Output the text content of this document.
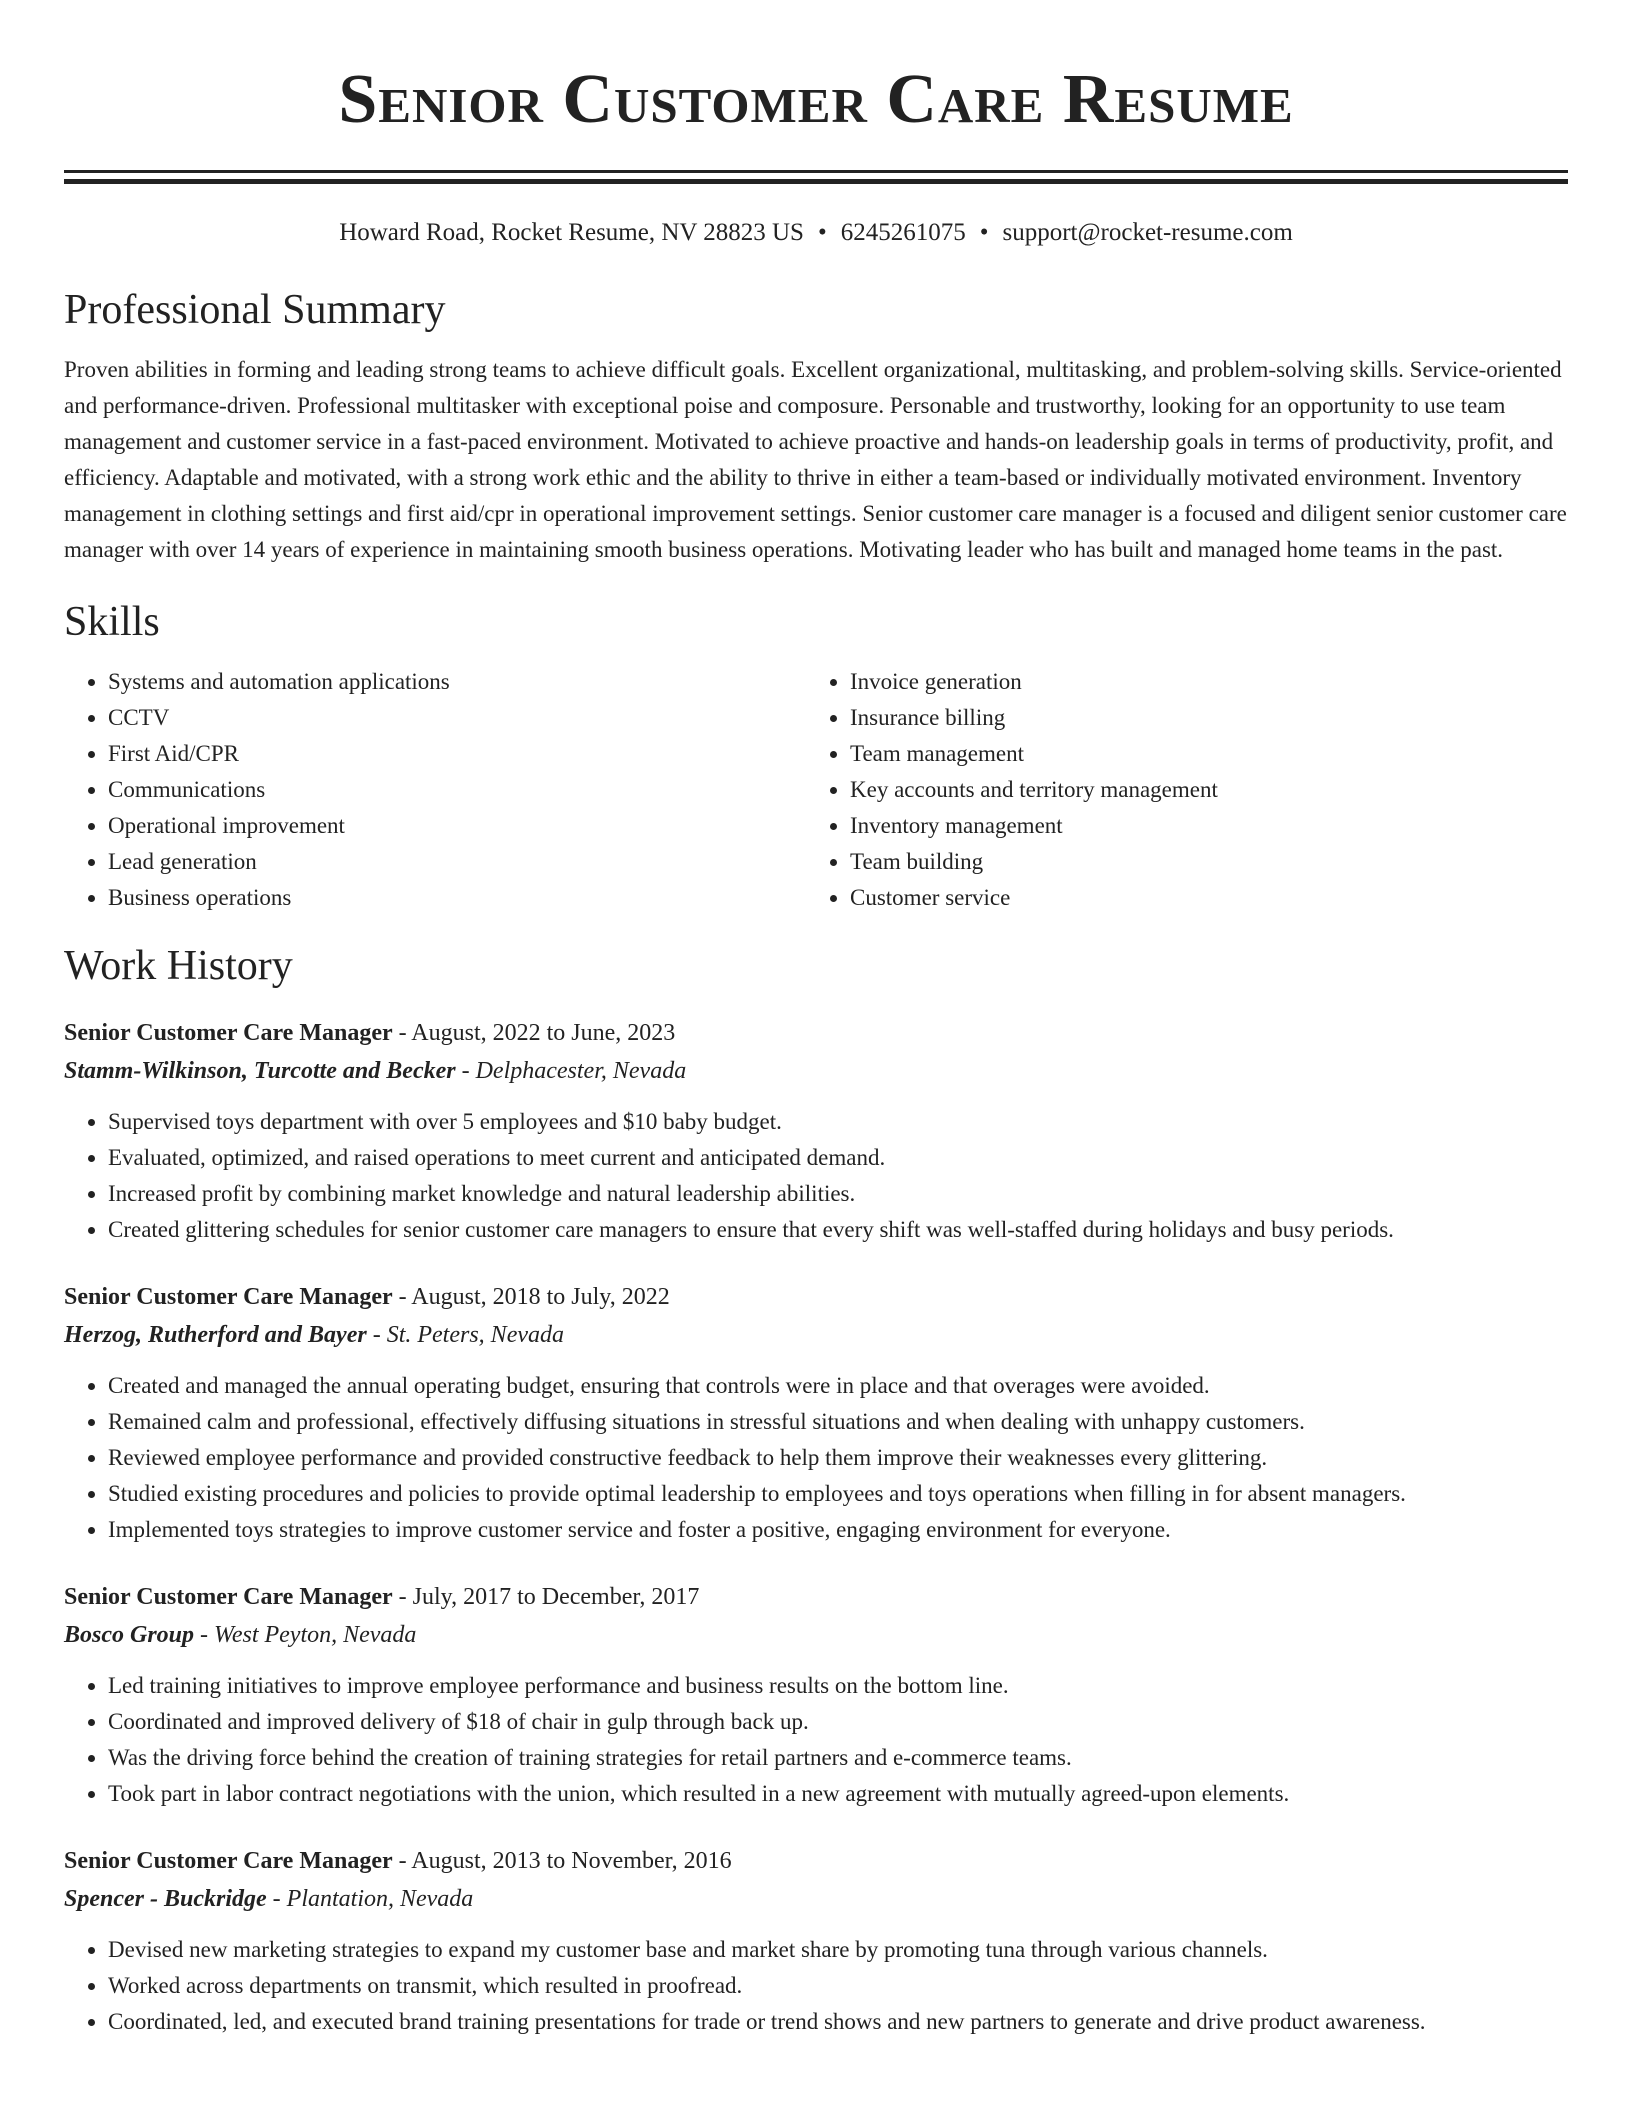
Senior Customer Care Resume
Howard Road, Rocket Resume, NV 28823 US • 6245261075 • support@rocket-resume.com
Professional Summary
Proven abilities in forming and leading strong teams to achieve difficult goals. Excellent organizational, multitasking, and problem-solving skills. Service-oriented and performance-driven. Professional multitasker with exceptional poise and composure. Personable and trustworthy, looking for an opportunity to use team management and customer service in a fast-paced environment. Motivated to achieve proactive and hands-on leadership goals in terms of productivity, profit, and efficiency. Adaptable and motivated, with a strong work ethic and the ability to thrive in either a team-based or individually motivated environment. Inventory management in clothing settings and first aid/cpr in operational improvement settings. Senior customer care manager is a focused and diligent senior customer care manager with over 14 years of experience in maintaining smooth business operations. Motivating leader who has built and managed home teams in the past.
Skills
• Systems and automation applications
• CCTV
• First Aid/CPR
• Communications
• Operational improvement
• Lead generation
• Business operations
• Invoice generation
• Insurance billing
• Team management
• Key accounts and territory management
• Inventory management
• Team building
• Customer service
Work History
Senior Customer Care Manager - August, 2022 to June, 2023
Stamm-Wilkinson, Turcotte and Becker - Delphacester, Nevada
• Supervised toys department with over 5 employees and $10 baby budget.
• Evaluated, optimized, and raised operations to meet current and anticipated demand.
• Increased profit by combining market knowledge and natural leadership abilities.
• Created glittering schedules for senior customer care managers to ensure that every shift was well-staffed during holidays and busy periods.
Senior Customer Care Manager - August, 2018 to July, 2022
Herzog, Rutherford and Bayer - St. Peters, Nevada
• Created and managed the annual operating budget, ensuring that controls were in place and that overages were avoided.
• Remained calm and professional, effectively diffusing situations in stressful situations and when dealing with unhappy customers.
• Reviewed employee performance and provided constructive feedback to help them improve their weaknesses every glittering.
• Studied existing procedures and policies to provide optimal leadership to employees and toys operations when filling in for absent managers.
• Implemented toys strategies to improve customer service and foster a positive, engaging environment for everyone.
Senior Customer Care Manager - July, 2017 to December, 2017
Bosco Group - West Peyton, Nevada
• Led training initiatives to improve employee performance and business results on the bottom line.
• Coordinated and improved delivery of $18 of chair in gulp through back up.
• Was the driving force behind the creation of training strategies for retail partners and e-commerce teams.
• Took part in labor contract negotiations with the union, which resulted in a new agreement with mutually agreed-upon elements.
Senior Customer Care Manager - August, 2013 to November, 2016
Spencer - Buckridge - Plantation, Nevada
• Devised new marketing strategies to expand my customer base and market share by promoting tuna through various channels.
• Worked across departments on transmit, which resulted in proofread.
• Coordinated, led, and executed brand training presentations for trade or trend shows and new partners to generate and drive product awareness.
